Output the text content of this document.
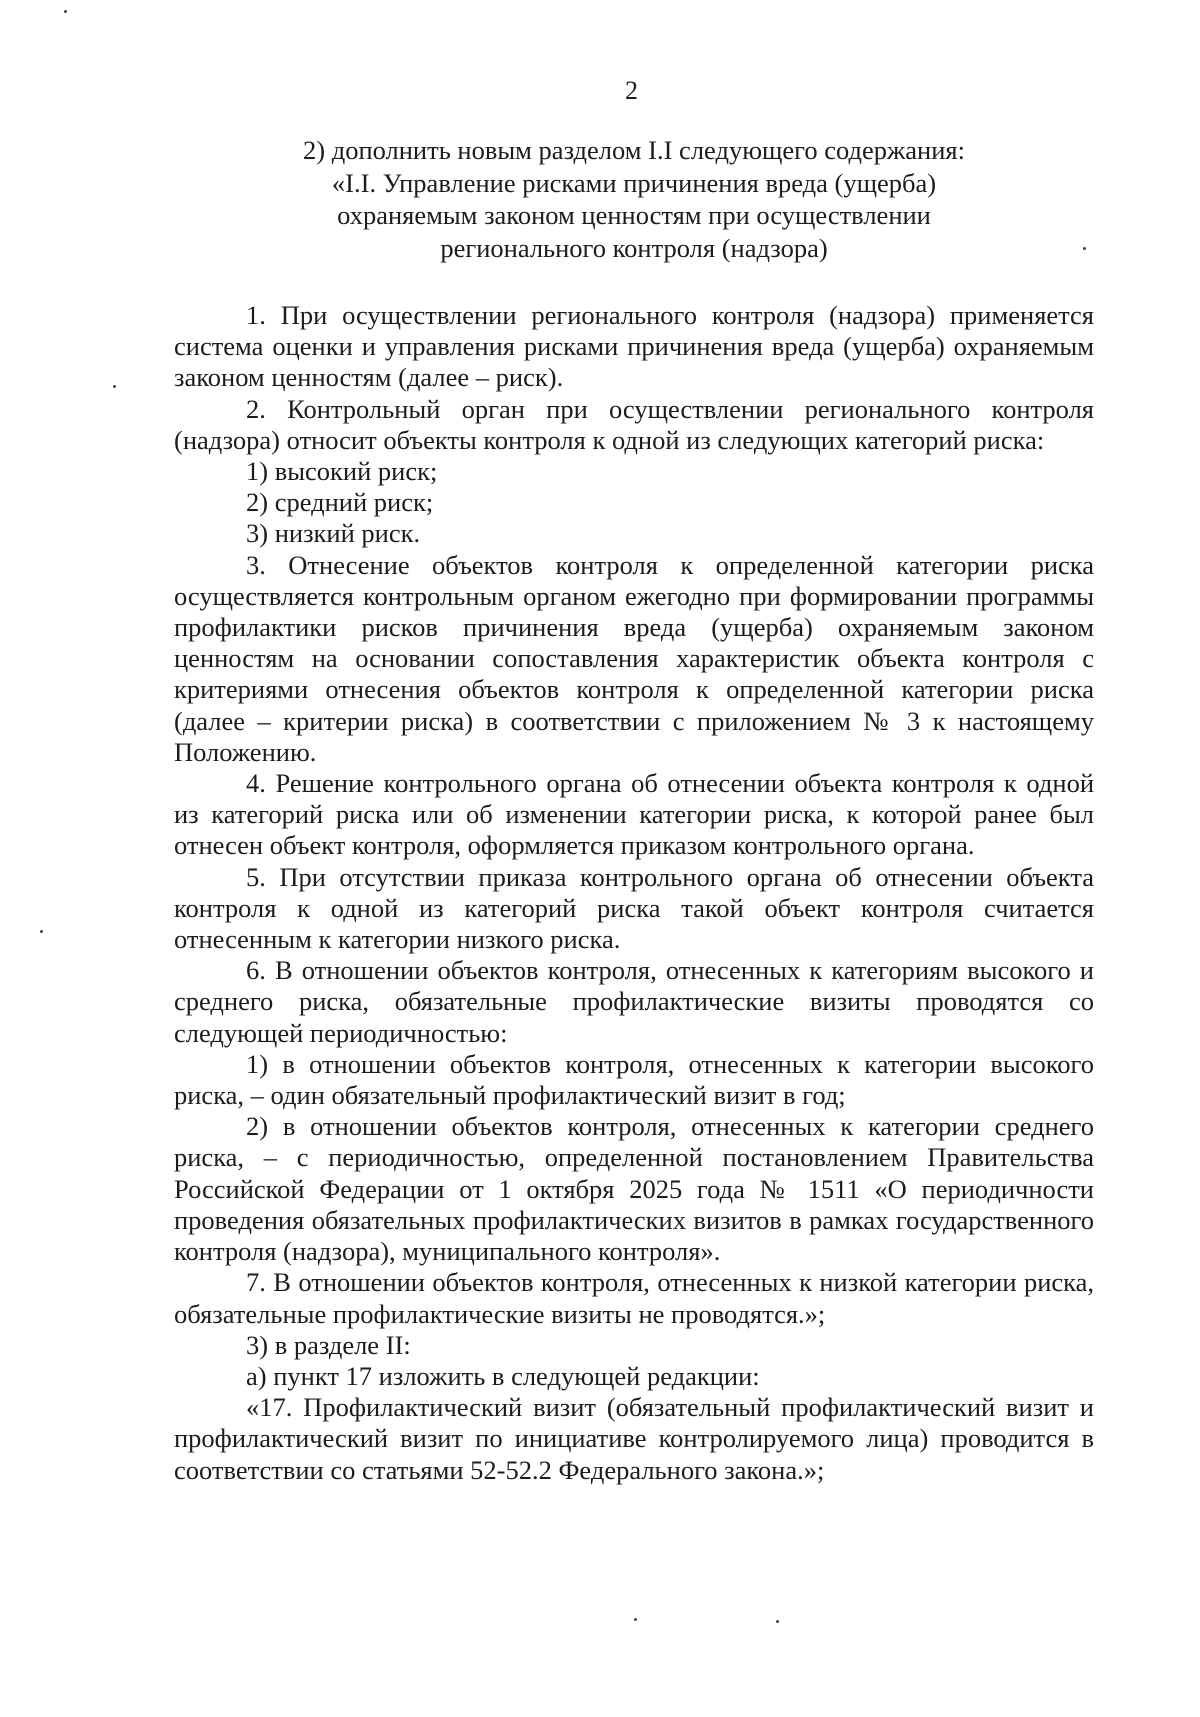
2
2) дополнить новым разделом I.I следующего содержания:
«I.I. Управление рисками причинения вреда (ущерба)
охраняемым законом ценностям при осуществлении
регионального контроля (надзора)

1. При осуществлении регионального контроля (надзора) применяется система оценки и управления рисками причинения вреда (ущерба) охраняемым законом ценностям (далее – риск).

2. Контрольный орган при осуществлении регионального контроля (надзора) относит объекты контроля к одной из следующих категорий риска:

1) высокий риск;

2) средний риск;

3) низкий риск.

3. Отнесение объектов контроля к определенной категории риска осуществляется контрольным органом ежегодно при формировании программы профилактики рисков причинения вреда (ущерба) охраняемым законом ценностям на основании сопоставления характеристик объекта контроля с критериями отнесения объектов контроля к определенной категории риска (далее – критерии риска) в соответствии с приложением № 3 к настоящему Положению.

4. Решение контрольного органа об отнесении объекта контроля к одной из категорий риска или об изменении категории риска, к которой ранее был отнесен объект контроля, оформляется приказом контрольного органа.

5. При отсутствии приказа контрольного органа об отнесении объекта контроля к одной из категорий риска такой объект контроля считается отнесенным к категории низкого риска.

6. В отношении объектов контроля, отнесенных к категориям высокого и среднего риска, обязательные профилактические визиты проводятся со следующей периодичностью:

1) в отношении объектов контроля, отнесенных к категории высокого риска, – один обязательный профилактический визит в год;

2) в отношении объектов контроля, отнесенных к категории среднего риска, – с периодичностью, определенной постановлением Правительства Российской Федерации от 1 октября 2025 года № 1511 «О периодичности проведения обязательных профилактических визитов в рамках государственного контроля (надзора), муниципального контроля».

7. В отношении объектов контроля, отнесенных к низкой категории риска, обязательные профилактические визиты не проводятся.»;

3) в разделе II:

а) пункт 17 изложить в следующей редакции:

«17. Профилактический визит (обязательный профилактический визит и профилактический визит по инициативе контролируемого лица) проводится в соответствии со статьями 52-52.2 Федерального закона.»;
